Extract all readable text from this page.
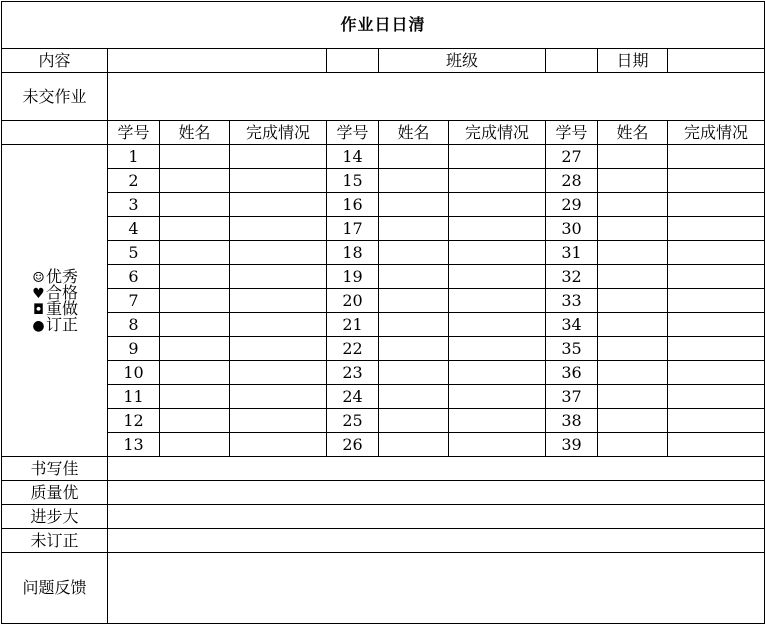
作业日日清									
内容					班级			日期	
未交作业									
	学号	姓名	完成情况	学号	姓名	完成情况	学号	姓名	完成情况

☺优秀
♥合格
◘ 重做
●订正	1			14			27		
	2			15			28		
	3			16			29		
	4			17			30		
	5			18			31		
	6			19			32		
	7			20			33		
	8			21			34		
	9			22			35		
	10			23			36		
	11			24			37		
	12			25			38		
	13			26			39		
书写佳									
质量优									
进步大									
未订正									
问题反馈									
